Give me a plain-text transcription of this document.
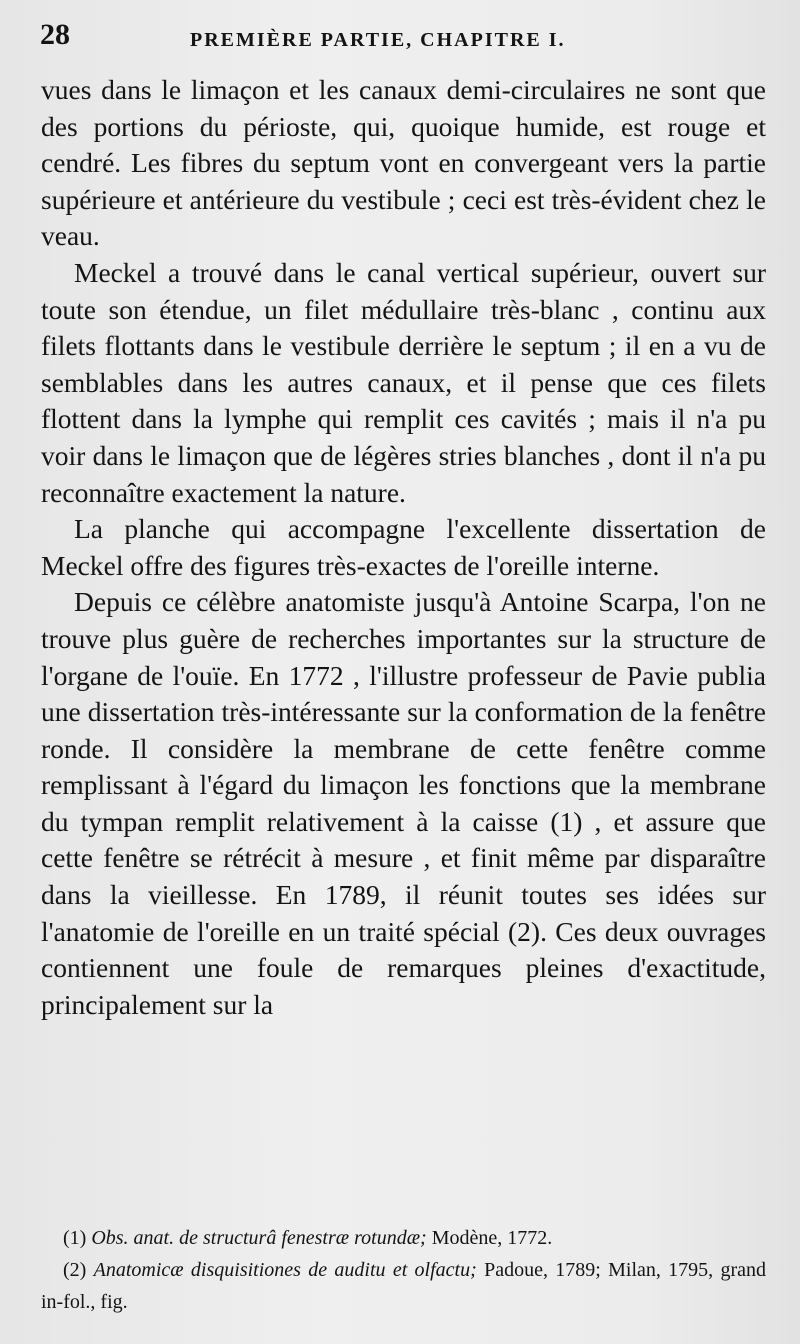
28	PREMIÈRE PARTIE, CHAPITRE I.

vues dans le limaçon et les canaux demi-circulaires ne sont que des portions du périoste, qui, quoique humide, est rouge et cendré. Les fibres du septum vont en convergeant vers la partie supérieure et antérieure du vestibule ; ceci est très-évident chez le veau.

Meckel a trouvé dans le canal vertical supérieur, ouvert sur toute son étendue, un filet médullaire très-blanc , continu aux filets flottants dans le vestibule derrière le septum ; il en a vu de semblables dans les autres canaux, et il pense que ces filets flottent dans la lymphe qui remplit ces cavités ; mais il n'a pu voir dans le limaçon que de légères stries blanches , dont il n'a pu reconnaître exactement la nature.

La planche qui accompagne l'excellente dissertation de Meckel offre des figures très-exactes de l'oreille interne.

Depuis ce célèbre anatomiste jusqu'à Antoine Scarpa, l'on ne trouve plus guère de recherches importantes sur la structure de l'organe de l'ouïe. En 1772 , l'illustre professeur de Pavie publia une dissertation très-intéressante sur la conformation de la fenêtre ronde. Il considère la membrane de cette fenêtre comme remplissant à l'égard du limaçon les fonctions que la membrane du tympan remplit relativement à la caisse (1) , et assure que cette fenêtre se rétrécit à mesure , et finit même par disparaître dans la vieillesse. En 1789, il réunit toutes ses idées sur l'anatomie de l'oreille en un traité spécial (2). Ces deux ouvrages contiennent une foule de remarques pleines d'exactitude, principalement sur la

(1) Obs. anat. de structurâ fenestræ rotundæ; Modène, 1772.

(2) Anatomicæ disquisitiones de auditu et olfactu; Padoue, 1789; Milan, 1795, grand in-fol., fig.
